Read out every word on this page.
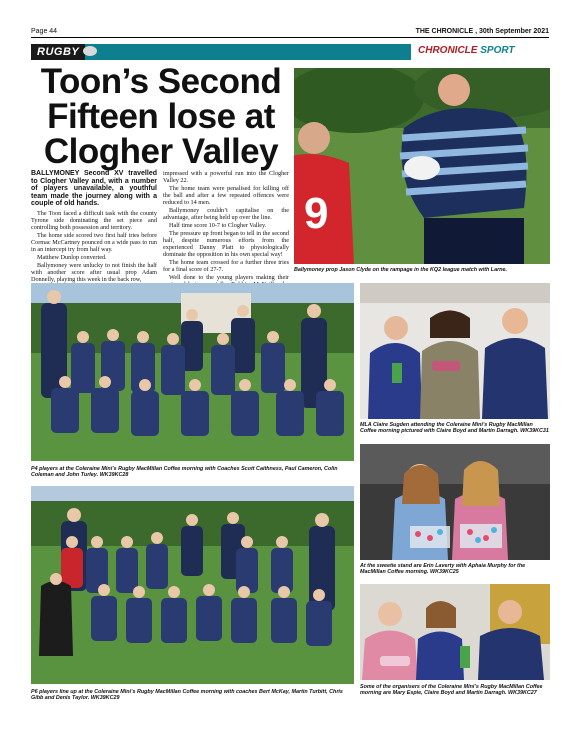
Page 44	THE CHRONICLE , 30th September 2021
RUGBY	CHRONICLE SPORT
Toon’s Second
Fifteen lose at
Clogher Valley
BALLYMONEY Second XV travelled to Clogher Valley and, with a number of players unavailable, a youthful team made the journey along with a couple of old hands.

The Toon faced a difficult task with the county Tyrone side dominating the set piece and controlling both possession and territory.

The home side scored two first half tries before Cormac McCartney pounced on a wide pass to run in an intercept try from half way.

Matthew Dunlop converted.

Ballymoney were unlucky to not finish the half with another score after usual prop Adam Donnelly, playing this week in the back row,

impressed with a powerful run into the Clogher Valley 22.

The home team were penalised for killing off the ball and after a few repeated offences were reduced to 14 men.

Ballymoney couldn’t capitalise on the advantage, after being held up over the line.

Half time score 10-7 to Clogher Valley.

The pressure up front began to tell in the second half, despite numerous efforts from the experienced Danny Platt to physiologically dominate the opposition in his own special way!

The home team crossed for a further three tries for a final score of 27-7.

Well done to the young players making their

9
Ballymoney prop Jason Clyde on the rampage in the KQ2 league match with Larne.
P4 players at the Coleraine Mini’s Rugby MacMillan Coffee morning with Coaches Scott Caithness, Paul Cameron, Colin Coleman and John Turley. WK39KC28
MLA Claire Sugden attending the Coleraine Mini’s Rugby MacMillan Coffee morning pictured with Claire Boyd and Martin Darragh. WK39KC31
At the sweetie stand are Erin Laverty with Aphaia Murphy for the MacMillan Coffee morning. WK39KC25
P6 players line up at the Coleraine Mini’s Rugby MacMillan Coffee morning with coaches Bert McKay, Martin Turbitt, Chris Gibb and Denis Taylor. WK39KC29
Some of the organisers of the Coleraine Mini’s Rugby MacMillan Coffee morning are Mary Espie, Claire Boyd and Martin Darragh. WK39KC27
